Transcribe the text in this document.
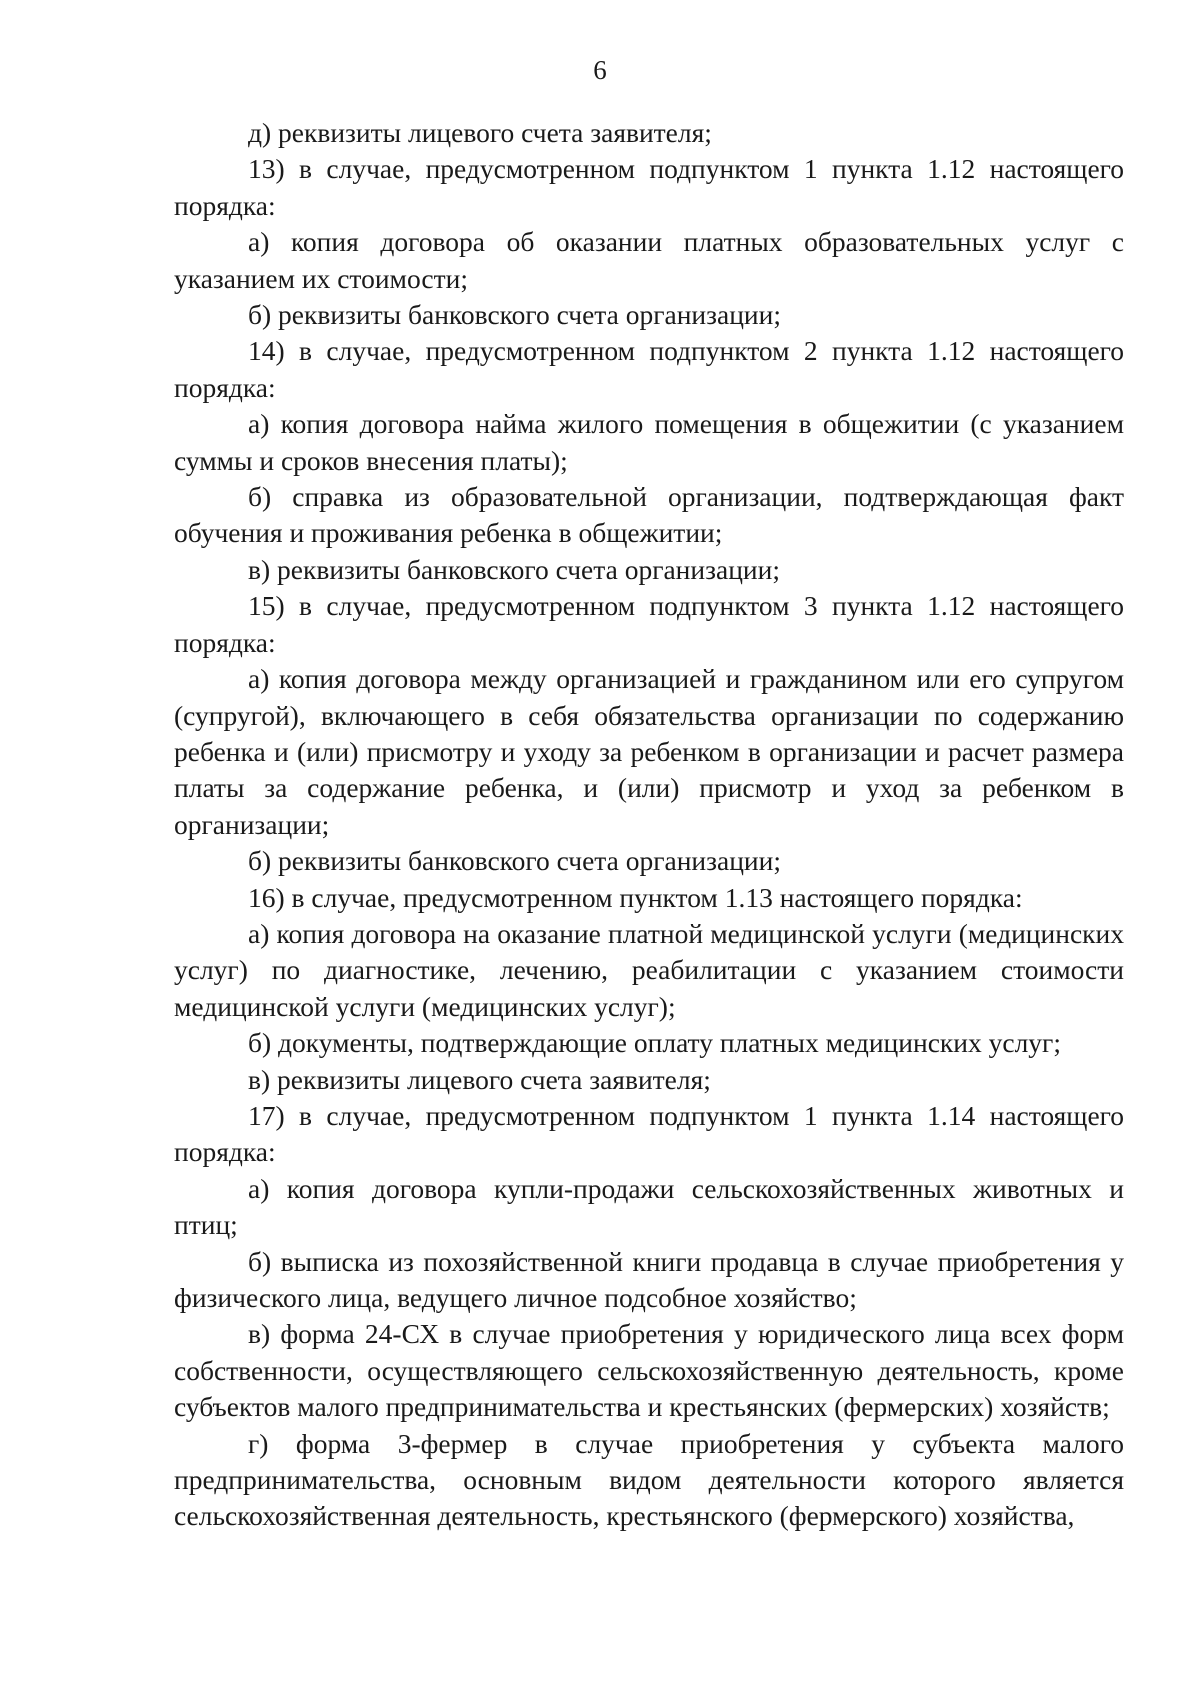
6

д) реквизиты лицевого счета заявителя;

13) в случае, предусмотренном подпунктом 1 пункта 1.12 настоящего порядка:

а) копия договора об оказании платных образовательных услуг с указанием их стоимости;

б) реквизиты банковского счета организации;

14) в случае, предусмотренном подпунктом 2 пункта 1.12 настоящего порядка:

а) копия договора найма жилого помещения в общежитии (с указанием суммы и сроков внесения платы);

б) справка из образовательной организации, подтверждающая факт обучения и проживания ребенка в общежитии;

в) реквизиты банковского счета организации;

15) в случае, предусмотренном подпунктом 3 пункта 1.12 настоящего порядка:

а) копия договора между организацией и гражданином или его супругом (супругой), включающего в себя обязательства организации по содержанию ребенка и (или) присмотру и уходу за ребенком в организации и расчет размера платы за содержание ребенка, и (или) присмотр и уход за ребенком в организации;

б) реквизиты банковского счета организации;

16) в случае, предусмотренном пунктом 1.13 настоящего порядка:

а) копия договора на оказание платной медицинской услуги (медицинских услуг) по диагностике, лечению, реабилитации с указанием стоимости медицинской услуги (медицинских услуг);

б) документы, подтверждающие оплату платных медицинских услуг;

в) реквизиты лицевого счета заявителя;

17) в случае, предусмотренном подпунктом 1 пункта 1.14 настоящего порядка:

а) копия договора купли-продажи сельскохозяйственных животных и птиц;

б) выписка из похозяйственной книги продавца в случае приобретения у физического лица, ведущего личное подсобное хозяйство;

в) форма 24-СХ в случае приобретения у юридического лица всех форм собственности, осуществляющего сельскохозяйственную деятельность, кроме субъектов малого предпринимательства и крестьянских (фермерских) хозяйств;

г) форма 3-фермер в случае приобретения у субъекта малого предпринимательства, основным видом деятельности которого является сельскохозяйственная деятельность, крестьянского (фермерского) хозяйства,
